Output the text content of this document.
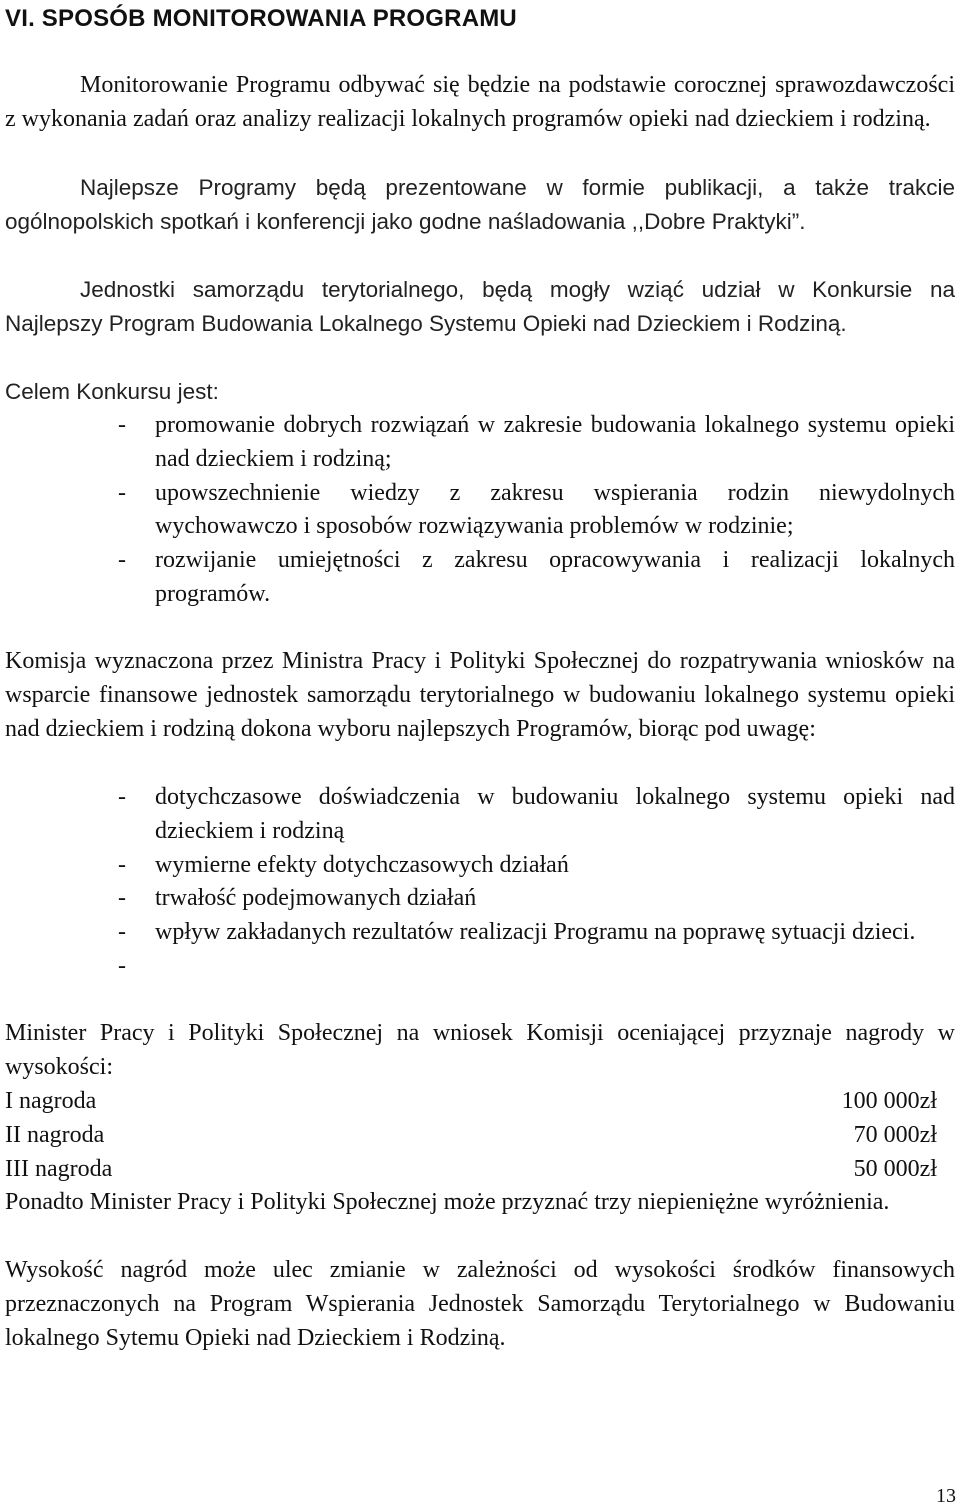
VI. SPOSÓB MONITOROWANIA PROGRAMU

Monitorowanie Programu odbywać się będzie na podstawie corocznej sprawozdawczości z wykonania zadań oraz analizy realizacji lokalnych programów opieki nad dzieckiem i rodziną.

Najlepsze Programy będą prezentowane w formie publikacji, a także trakcie ogólnopolskich spotkań i konferencji jako godne naśladowania ,,Dobre Praktyki”.

Jednostki samorządu terytorialnego, będą mogły wziąć udział w Konkursie na Najlepszy Program Budowania Lokalnego Systemu Opieki nad Dzieckiem i Rodziną.

Celem Konkursu jest:

- promowanie dobrych rozwiązań w zakresie budowania lokalnego systemu opieki nad dzieckiem i rodziną;
- upowszechnienie wiedzy z zakresu wspierania rodzin niewydolnych wychowawczo i sposobów rozwiązywania problemów w rodzinie;
- rozwijanie umiejętności z zakresu opracowywania i realizacji lokalnych programów.

Komisja wyznaczona przez Ministra Pracy i Polityki Społecznej do rozpatrywania wniosków na wsparcie finansowe jednostek samorządu terytorialnego w budowaniu lokalnego systemu opieki nad dzieckiem i rodziną dokona wyboru najlepszych Programów, biorąc pod uwagę:

- dotychczasowe doświadczenia w budowaniu lokalnego systemu opieki nad dzieckiem i rodziną
- wymierne efekty dotychczasowych działań
- trwałość podejmowanych działań
- wpływ zakładanych rezultatów realizacji Programu na poprawę sytuacji dzieci.
-

Minister Pracy i Polityki Społecznej na wniosek Komisji oceniającej przyznaje nagrody w wysokości:

I nagroda	100 000zł
II nagroda	70 000zł
III nagroda	50 000zł

Ponadto Minister Pracy i Polityki Społecznej może przyznać trzy niepieniężne wyróżnienia.

Wysokość nagród może ulec zmianie w zależności od wysokości środków finansowych przeznaczonych na Program Wspierania Jednostek Samorządu Terytorialnego w Budowaniu lokalnego Sytemu Opieki nad Dzieckiem i Rodziną.

13
